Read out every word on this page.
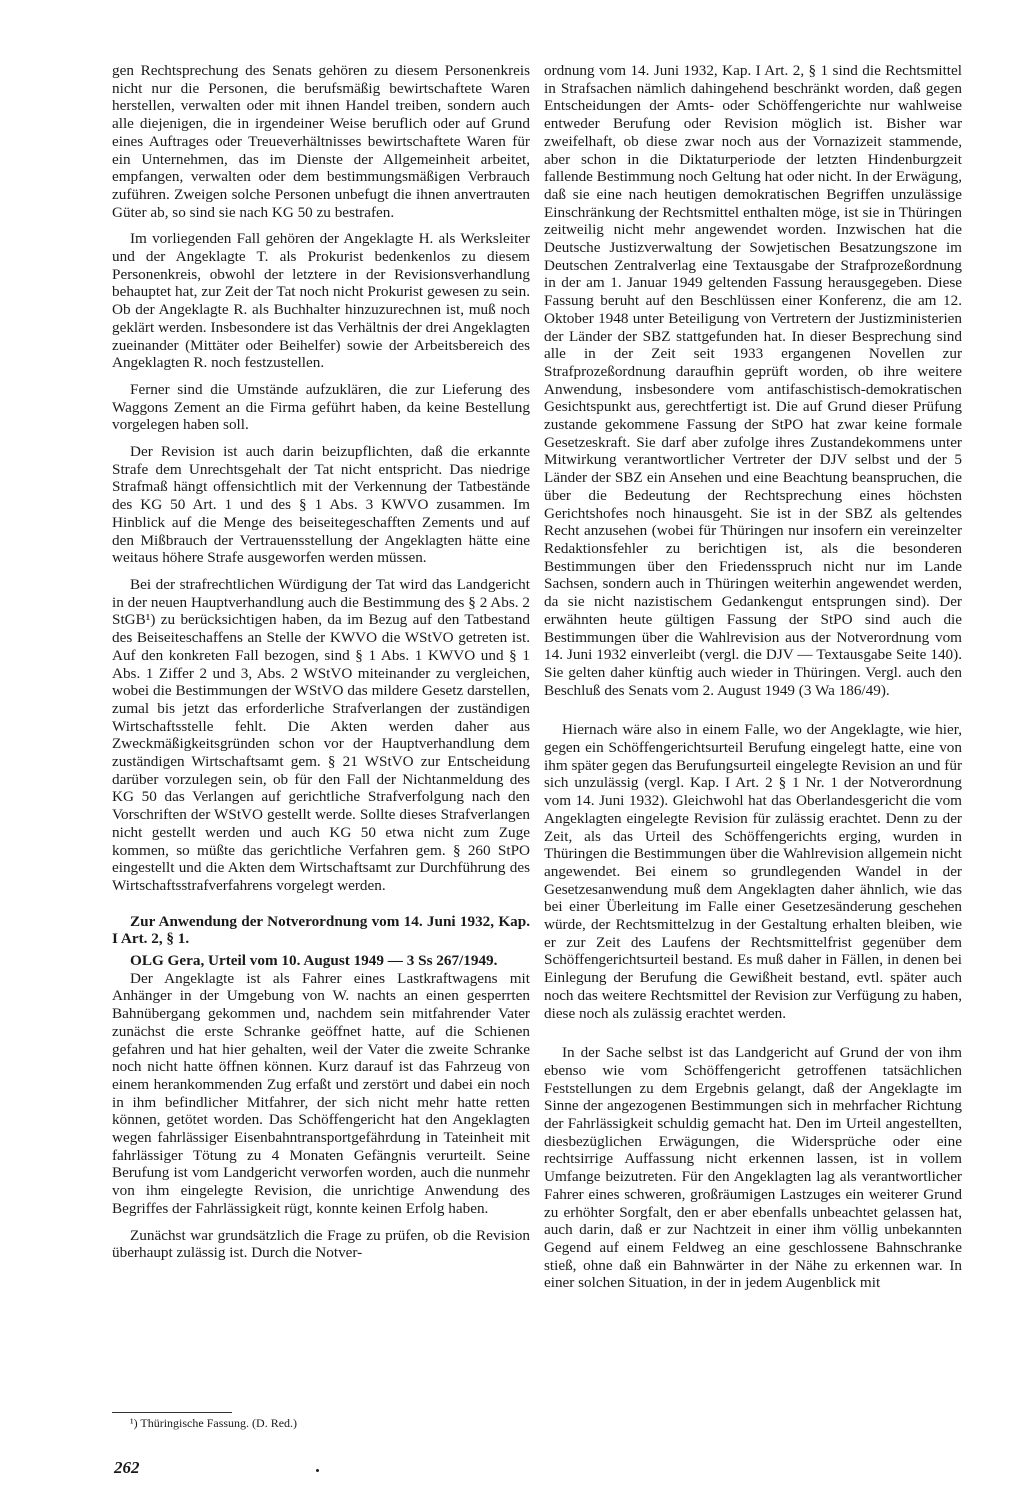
gen Rechtsprechung des Senats gehören zu diesem Personenkreis nicht nur die Personen, die berufsmäßig bewirtschaftete Waren herstellen, verwalten oder mit ihnen Handel treiben, sondern auch alle diejenigen, die in irgendeiner Weise beruflich oder auf Grund eines Auftrages oder Treueverhältnisses bewirtschaftete Waren für ein Unternehmen, das im Dienste der Allgemeinheit arbeitet, empfangen, verwalten oder dem bestimmungsmäßigen Verbrauch zuführen. Zweigen solche Personen unbefugt die ihnen anvertrauten Güter ab, so sind sie nach KG 50 zu bestrafen.

Im vorliegenden Fall gehören der Angeklagte H. als Werksleiter und der Angeklagte T. als Prokurist bedenkenlos zu diesem Personenkreis, obwohl der letztere in der Revisionsverhandlung behauptet hat, zur Zeit der Tat noch nicht Prokurist gewesen zu sein. Ob der Angeklagte R. als Buchhalter hinzuzurechnen ist, muß noch geklärt werden. Insbesondere ist das Verhältnis der drei Angeklagten zueinander (Mittäter oder Beihelfer) sowie der Arbeitsbereich des Angeklagten R. noch festzustellen.

Ferner sind die Umstände aufzuklären, die zur Lieferung des Waggons Zement an die Firma geführt haben, da keine Bestellung vorgelegen haben soll.

Der Revision ist auch darin beizupflichten, daß die erkannte Strafe dem Unrechtsgehalt der Tat nicht entspricht. Das niedrige Strafmaß hängt offensichtlich mit der Verkennung der Tatbestände des KG 50 Art. 1 und des § 1 Abs. 3 KWVO zusammen. Im Hinblick auf die Menge des beiseitegeschafften Zements und auf den Mißbrauch der Vertrauensstellung der Angeklagten hätte eine weitaus höhere Strafe ausgeworfen werden müssen.

Bei der strafrechtlichen Würdigung der Tat wird das Landgericht in der neuen Hauptverhandlung auch die Bestimmung des § 2 Abs. 2 StGB¹) zu berücksichtigen haben, da im Bezug auf den Tatbestand des Beiseiteschaffens an Stelle der KWVO die WStVO getreten ist. Auf den konkreten Fall bezogen, sind § 1 Abs. 1 KWVO und § 1 Abs. 1 Ziffer 2 und 3, Abs. 2 WStVO miteinander zu vergleichen, wobei die Bestimmungen der WStVO das mildere Gesetz darstellen, zumal bis jetzt das erforderliche Strafverlangen der zuständigen Wirtschaftsstelle fehlt. Die Akten werden daher aus Zweckmäßigkeitsgründen schon vor der Hauptverhandlung dem zuständigen Wirtschaftsamt gem. § 21 WStVO zur Entscheidung darüber vorzulegen sein, ob für den Fall der Nichtanmeldung des KG 50 das Verlangen auf gerichtliche Strafverfolgung nach den Vorschriften der WStVO gestellt werde. Sollte dieses Strafverlangen nicht gestellt werden und auch KG 50 etwa nicht zum Zuge kommen, so müßte das gerichtliche Verfahren gem. § 260 StPO eingestellt und die Akten dem Wirtschaftsamt zur Durchführung des Wirtschaftsstrafverfahrens vorgelegt werden.

Zur Anwendung der Notverordnung vom 14. Juni 1932, Kap. I Art. 2, § 1.

OLG Gera, Urteil vom 10. August 1949 — 3 Ss 267/1949.

Der Angeklagte ist als Fahrer eines Lastkraftwagens mit Anhänger in der Umgebung von W. nachts an einen gesperrten Bahnübergang gekommen und, nachdem sein mitfahrender Vater zunächst die erste Schranke geöffnet hatte, auf die Schienen gefahren und hat hier gehalten, weil der Vater die zweite Schranke noch nicht hatte öffnen können. Kurz darauf ist das Fahrzeug von einem herankommenden Zug erfaßt und zerstört und dabei ein noch in ihm befindlicher Mitfahrer, der sich nicht mehr hatte retten können, getötet worden. Das Schöffengericht hat den Angeklagten wegen fahrlässiger Eisenbahntransportgefährdung in Tateinheit mit fahrlässiger Tötung zu 4 Monaten Gefängnis verurteilt. Seine Berufung ist vom Landgericht verworfen worden, auch die nunmehr von ihm eingelegte Revision, die unrichtige Anwendung des Begriffes der Fahrlässigkeit rügt, konnte keinen Erfolg haben.

Zunächst war grundsätzlich die Frage zu prüfen, ob die Revision überhaupt zulässig ist. Durch die Notver-

ordnung vom 14. Juni 1932, Kap. I Art. 2, § 1 sind die Rechtsmittel in Strafsachen nämlich dahingehend beschränkt worden, daß gegen Entscheidungen der Amts- oder Schöffengerichte nur wahlweise entweder Berufung oder Revision möglich ist. Bisher war zweifelhaft, ob diese zwar noch aus der Vornazizeit stammende, aber schon in die Diktaturperiode der letzten Hindenburgzeit fallende Bestimmung noch Geltung hat oder nicht. In der Erwägung, daß sie eine nach heutigen demokratischen Begriffen unzulässige Einschränkung der Rechtsmittel enthalten möge, ist sie in Thüringen zeitweilig nicht mehr angewendet worden. Inzwischen hat die Deutsche Justizverwaltung der Sowjetischen Besatzungszone im Deutschen Zentralverlag eine Textausgabe der Strafprozeßordnung in der am 1. Januar 1949 geltenden Fassung herausgegeben. Diese Fassung beruht auf den Beschlüssen einer Konferenz, die am 12. Oktober 1948 unter Beteiligung von Vertretern der Justizministerien der Länder der SBZ stattgefunden hat. In dieser Besprechung sind alle in der Zeit seit 1933 ergangenen Novellen zur Strafprozeßordnung daraufhin geprüft worden, ob ihre weitere Anwendung, insbesondere vom antifaschistisch-demokratischen Gesichtspunkt aus, gerechtfertigt ist. Die auf Grund dieser Prüfung zustande gekommene Fassung der StPO hat zwar keine formale Gesetzeskraft. Sie darf aber zufolge ihres Zustandekommens unter Mitwirkung verantwortlicher Vertreter der DJV selbst und der 5 Länder der SBZ ein Ansehen und eine Beachtung beanspruchen, die über die Bedeutung der Rechtsprechung eines höchsten Gerichtshofes noch hinausgeht. Sie ist in der SBZ als geltendes Recht anzusehen (wobei für Thüringen nur insofern ein vereinzelter Redaktionsfehler zu berichtigen ist, als die besonderen Bestimmungen über den Friedensspruch nicht nur im Lande Sachsen, sondern auch in Thüringen weiterhin angewendet werden, da sie nicht nazistischem Gedankengut entsprungen sind). Der erwähnten heute gültigen Fassung der StPO sind auch die Bestimmungen über die Wahlrevision aus der Notverordnung vom 14. Juni 1932 einverleibt (vergl. die DJV — Textausgabe Seite 140). Sie gelten daher künftig auch wieder in Thüringen. Vergl. auch den Beschluß des Senats vom 2. August 1949 (3 Wa 186/49).

Hiernach wäre also in einem Falle, wo der Angeklagte, wie hier, gegen ein Schöffengerichtsurteil Berufung eingelegt hatte, eine von ihm später gegen das Berufungsurteil eingelegte Revision an und für sich unzulässig (vergl. Kap. I Art. 2 § 1 Nr. 1 der Notverordnung vom 14. Juni 1932). Gleichwohl hat das Oberlandesgericht die vom Angeklagten eingelegte Revision für zulässig erachtet. Denn zu der Zeit, als das Urteil des Schöffengerichts erging, wurden in Thüringen die Bestimmungen über die Wahlrevision allgemein nicht angewendet. Bei einem so grundlegenden Wandel in der Gesetzesanwendung muß dem Angeklagten daher ähnlich, wie das bei einer Überleitung im Falle einer Gesetzesänderung geschehen würde, der Rechtsmittelzug in der Gestaltung erhalten bleiben, wie er zur Zeit des Laufens der Rechtsmittelfrist gegenüber dem Schöffengerichtsurteil bestand. Es muß daher in Fällen, in denen bei Einlegung der Berufung die Gewißheit bestand, evtl. später auch noch das weitere Rechtsmittel der Revision zur Verfügung zu haben, diese noch als zulässig erachtet werden.

In der Sache selbst ist das Landgericht auf Grund der von ihm ebenso wie vom Schöffengericht getroffenen tatsächlichen Feststellungen zu dem Ergebnis gelangt, daß der Angeklagte im Sinne der angezogenen Bestimmungen sich in mehrfacher Richtung der Fahrlässigkeit schuldig gemacht hat. Den im Urteil angestellten, diesbezüglichen Erwägungen, die Widersprüche oder eine rechtsirrige Auffassung nicht erkennen lassen, ist in vollem Umfange beizutreten. Für den Angeklagten lag als verantwortlicher Fahrer eines schweren, großräumigen Lastzuges ein weiterer Grund zu erhöhter Sorgfalt, den er aber ebenfalls unbeachtet gelassen hat, auch darin, daß er zur Nachtzeit in einer ihm völlig unbekannten Gegend auf einem Feldweg an eine geschlossene Bahnschranke stieß, ohne daß ein Bahnwärter in der Nähe zu erkennen war. In einer solchen Situation, in der in jedem Augenblick mit

¹) Thüringische Fassung. (D. Red.)
262
